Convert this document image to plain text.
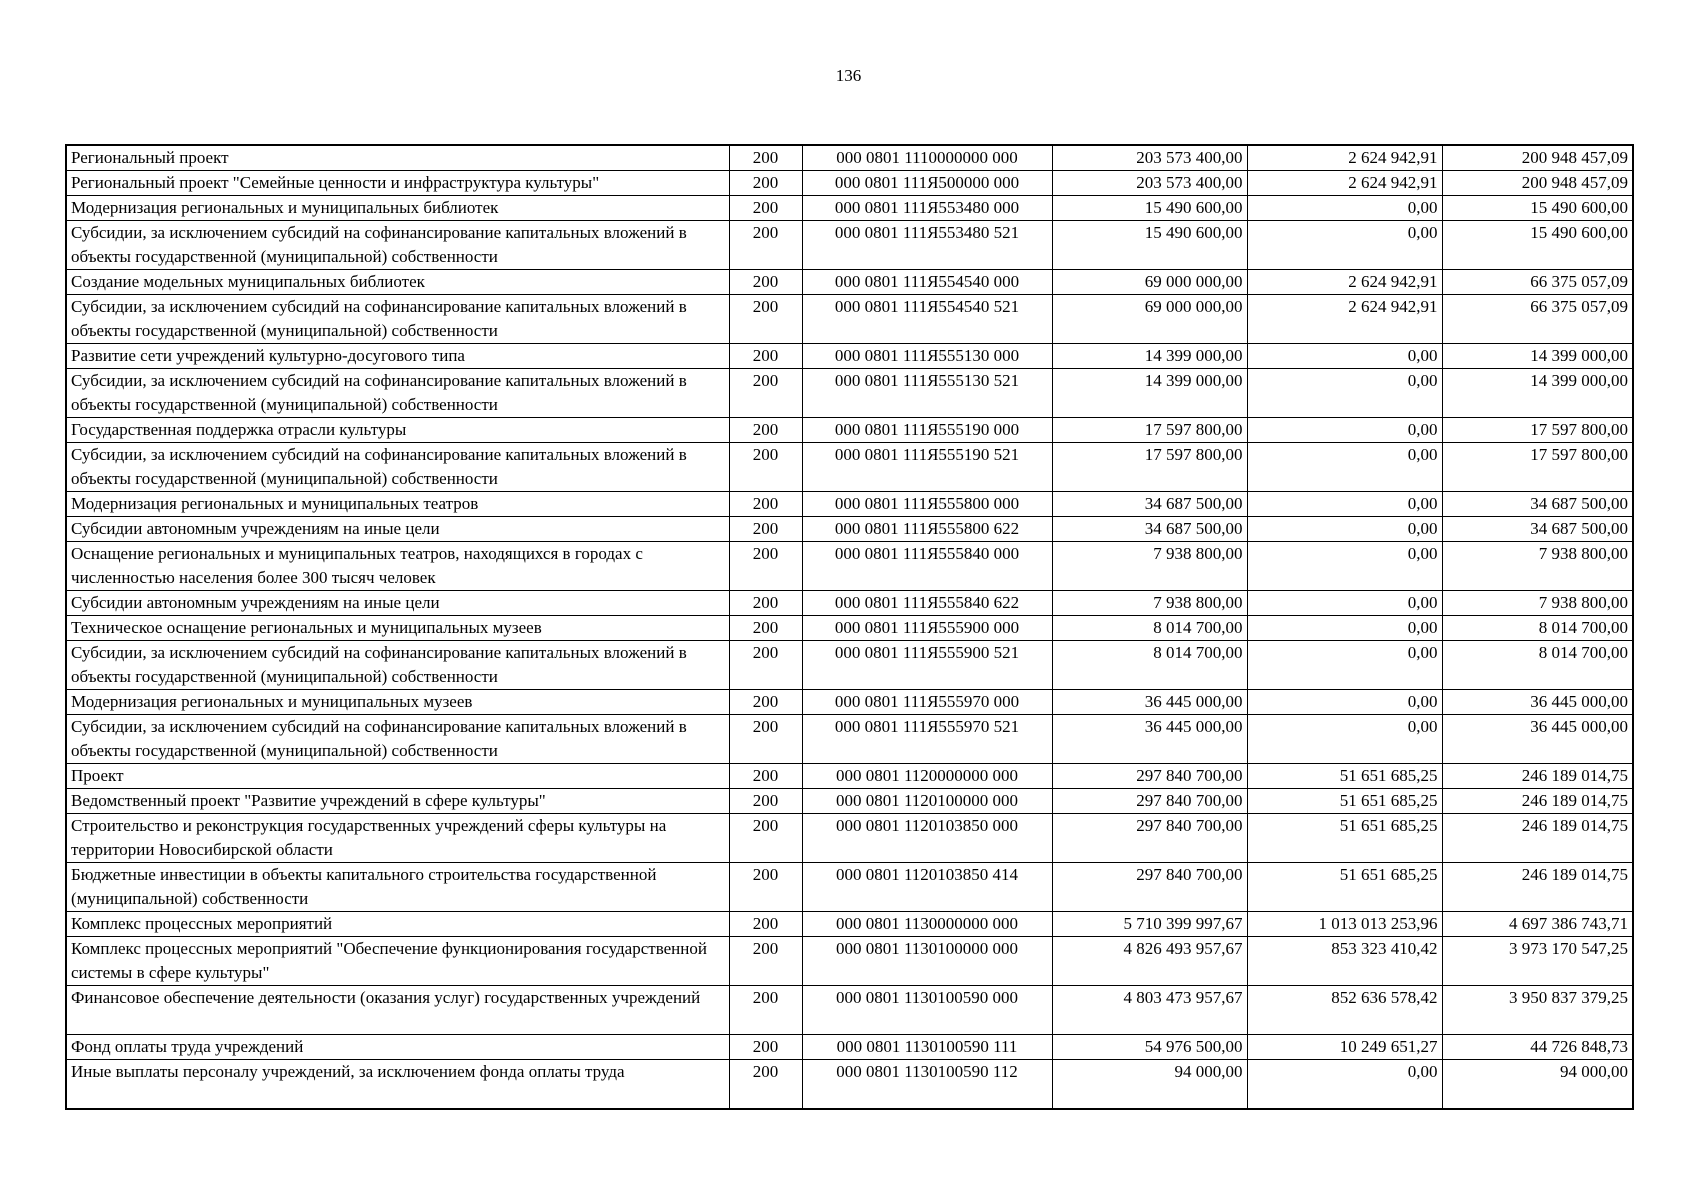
136
Региональный проект	200	000 0801 1110000000 000	203 573 400,00	2 624 942,91	200 948 457,09
Региональный проект "Семейные ценности и инфраструктура культуры"	200	000 0801 111Я500000 000	203 573 400,00	2 624 942,91	200 948 457,09
Модернизация региональных и муниципальных библиотек	200	000 0801 111Я553480 000	15 490 600,00	0,00	15 490 600,00
Субсидии, за исключением субсидий на софинансирование капитальных вложений в объекты государственной (муниципальной) собственности	200	000 0801 111Я553480 521	15 490 600,00	0,00	15 490 600,00
Создание модельных муниципальных библиотек	200	000 0801 111Я554540 000	69 000 000,00	2 624 942,91	66 375 057,09
Субсидии, за исключением субсидий на софинансирование капитальных вложений в объекты государственной (муниципальной) собственности	200	000 0801 111Я554540 521	69 000 000,00	2 624 942,91	66 375 057,09
Развитие сети учреждений культурно-досугового типа	200	000 0801 111Я555130 000	14 399 000,00	0,00	14 399 000,00
Субсидии, за исключением субсидий на софинансирование капитальных вложений в объекты государственной (муниципальной) собственности	200	000 0801 111Я555130 521	14 399 000,00	0,00	14 399 000,00
Государственная поддержка отрасли культуры	200	000 0801 111Я555190 000	17 597 800,00	0,00	17 597 800,00
Субсидии, за исключением субсидий на софинансирование капитальных вложений в объекты государственной (муниципальной) собственности	200	000 0801 111Я555190 521	17 597 800,00	0,00	17 597 800,00
Модернизация региональных и муниципальных театров	200	000 0801 111Я555800 000	34 687 500,00	0,00	34 687 500,00
Субсидии автономным учреждениям на иные цели	200	000 0801 111Я555800 622	34 687 500,00	0,00	34 687 500,00
Оснащение региональных и муниципальных театров, находящихся в городах с численностью населения более 300 тысяч человек	200	000 0801 111Я555840 000	7 938 800,00	0,00	7 938 800,00
Субсидии автономным учреждениям на иные цели	200	000 0801 111Я555840 622	7 938 800,00	0,00	7 938 800,00
Техническое оснащение региональных и муниципальных музеев	200	000 0801 111Я555900 000	8 014 700,00	0,00	8 014 700,00
Субсидии, за исключением субсидий на софинансирование капитальных вложений в объекты государственной (муниципальной) собственности	200	000 0801 111Я555900 521	8 014 700,00	0,00	8 014 700,00
Модернизация региональных и муниципальных музеев	200	000 0801 111Я555970 000	36 445 000,00	0,00	36 445 000,00
Субсидии, за исключением субсидий на софинансирование капитальных вложений в объекты государственной (муниципальной) собственности	200	000 0801 111Я555970 521	36 445 000,00	0,00	36 445 000,00
Проект	200	000 0801 1120000000 000	297 840 700,00	51 651 685,25	246 189 014,75
Ведомственный проект "Развитие учреждений в сфере культуры"	200	000 0801 1120100000 000	297 840 700,00	51 651 685,25	246 189 014,75
Строительство и реконструкция государственных учреждений сферы культуры на территории Новосибирской области	200	000 0801 1120103850 000	297 840 700,00	51 651 685,25	246 189 014,75
Бюджетные инвестиции в объекты капитального строительства государственной (муниципальной) собственности	200	000 0801 1120103850 414	297 840 700,00	51 651 685,25	246 189 014,75
Комплекс процессных мероприятий	200	000 0801 1130000000 000	5 710 399 997,67	1 013 013 253,96	4 697 386 743,71
Комплекс процессных мероприятий "Обеспечение функционирования государственной системы в сфере культуры"	200	000 0801 1130100000 000	4 826 493 957,67	853 323 410,42	3 973 170 547,25
Финансовое обеспечение деятельности (оказания услуг) государственных учреждений	200	000 0801 1130100590 000	4 803 473 957,67	852 636 578,42	3 950 837 379,25
Фонд оплаты труда учреждений	200	000 0801 1130100590 111	54 976 500,00	10 249 651,27	44 726 848,73
Иные выплаты персоналу учреждений, за исключением фонда оплаты труда	200	000 0801 1130100590 112	94 000,00	0,00	94 000,00
